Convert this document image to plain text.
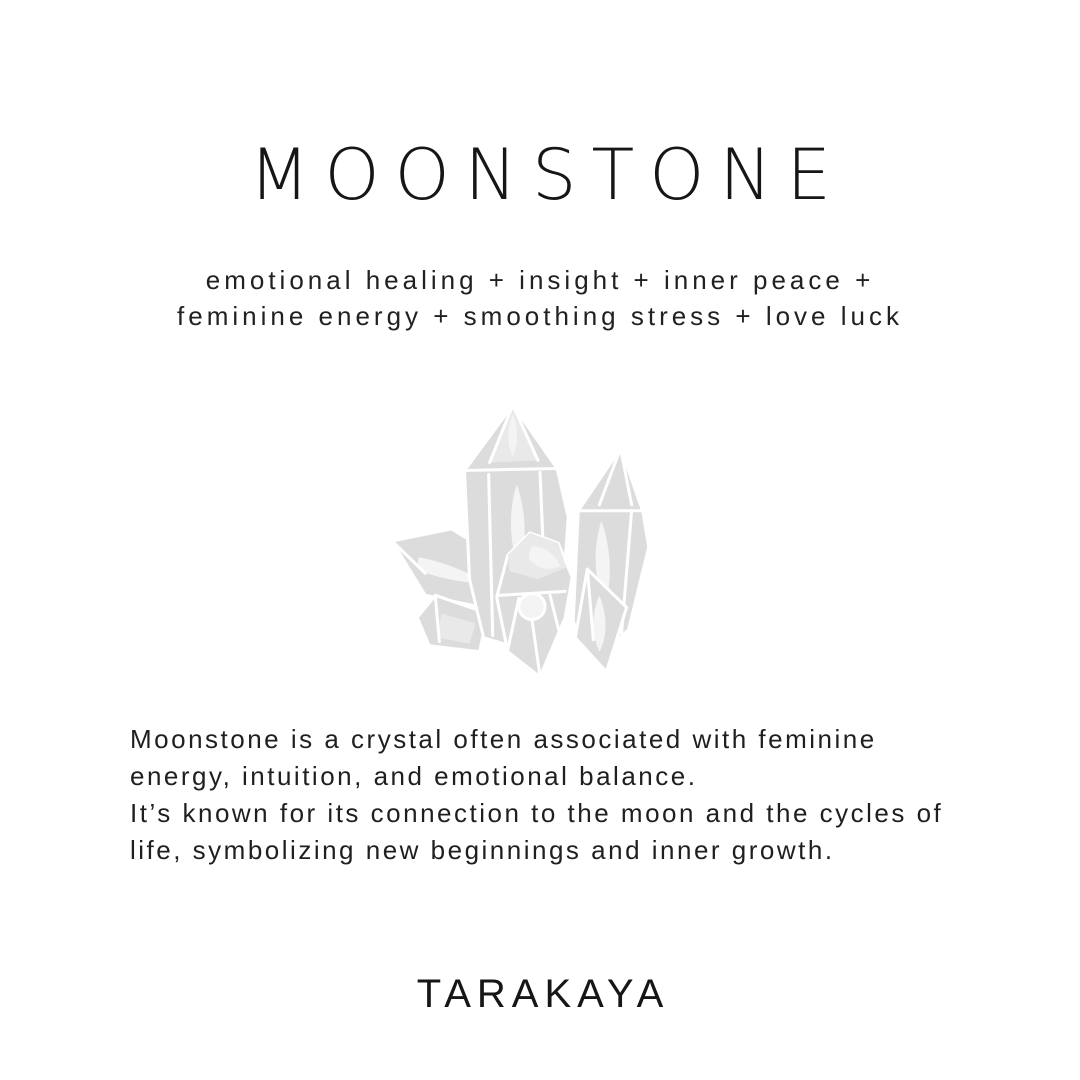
MOONSTONE
emotional healing + insight + inner peace +
feminine energy + smoothing stress + love luck
Moonstone is a crystal often associated with feminine
energy, intuition, and emotional balance.
It’s known for its connection to the moon and the cycles of
life, symbolizing new beginnings and inner growth.
TARAKAYA
